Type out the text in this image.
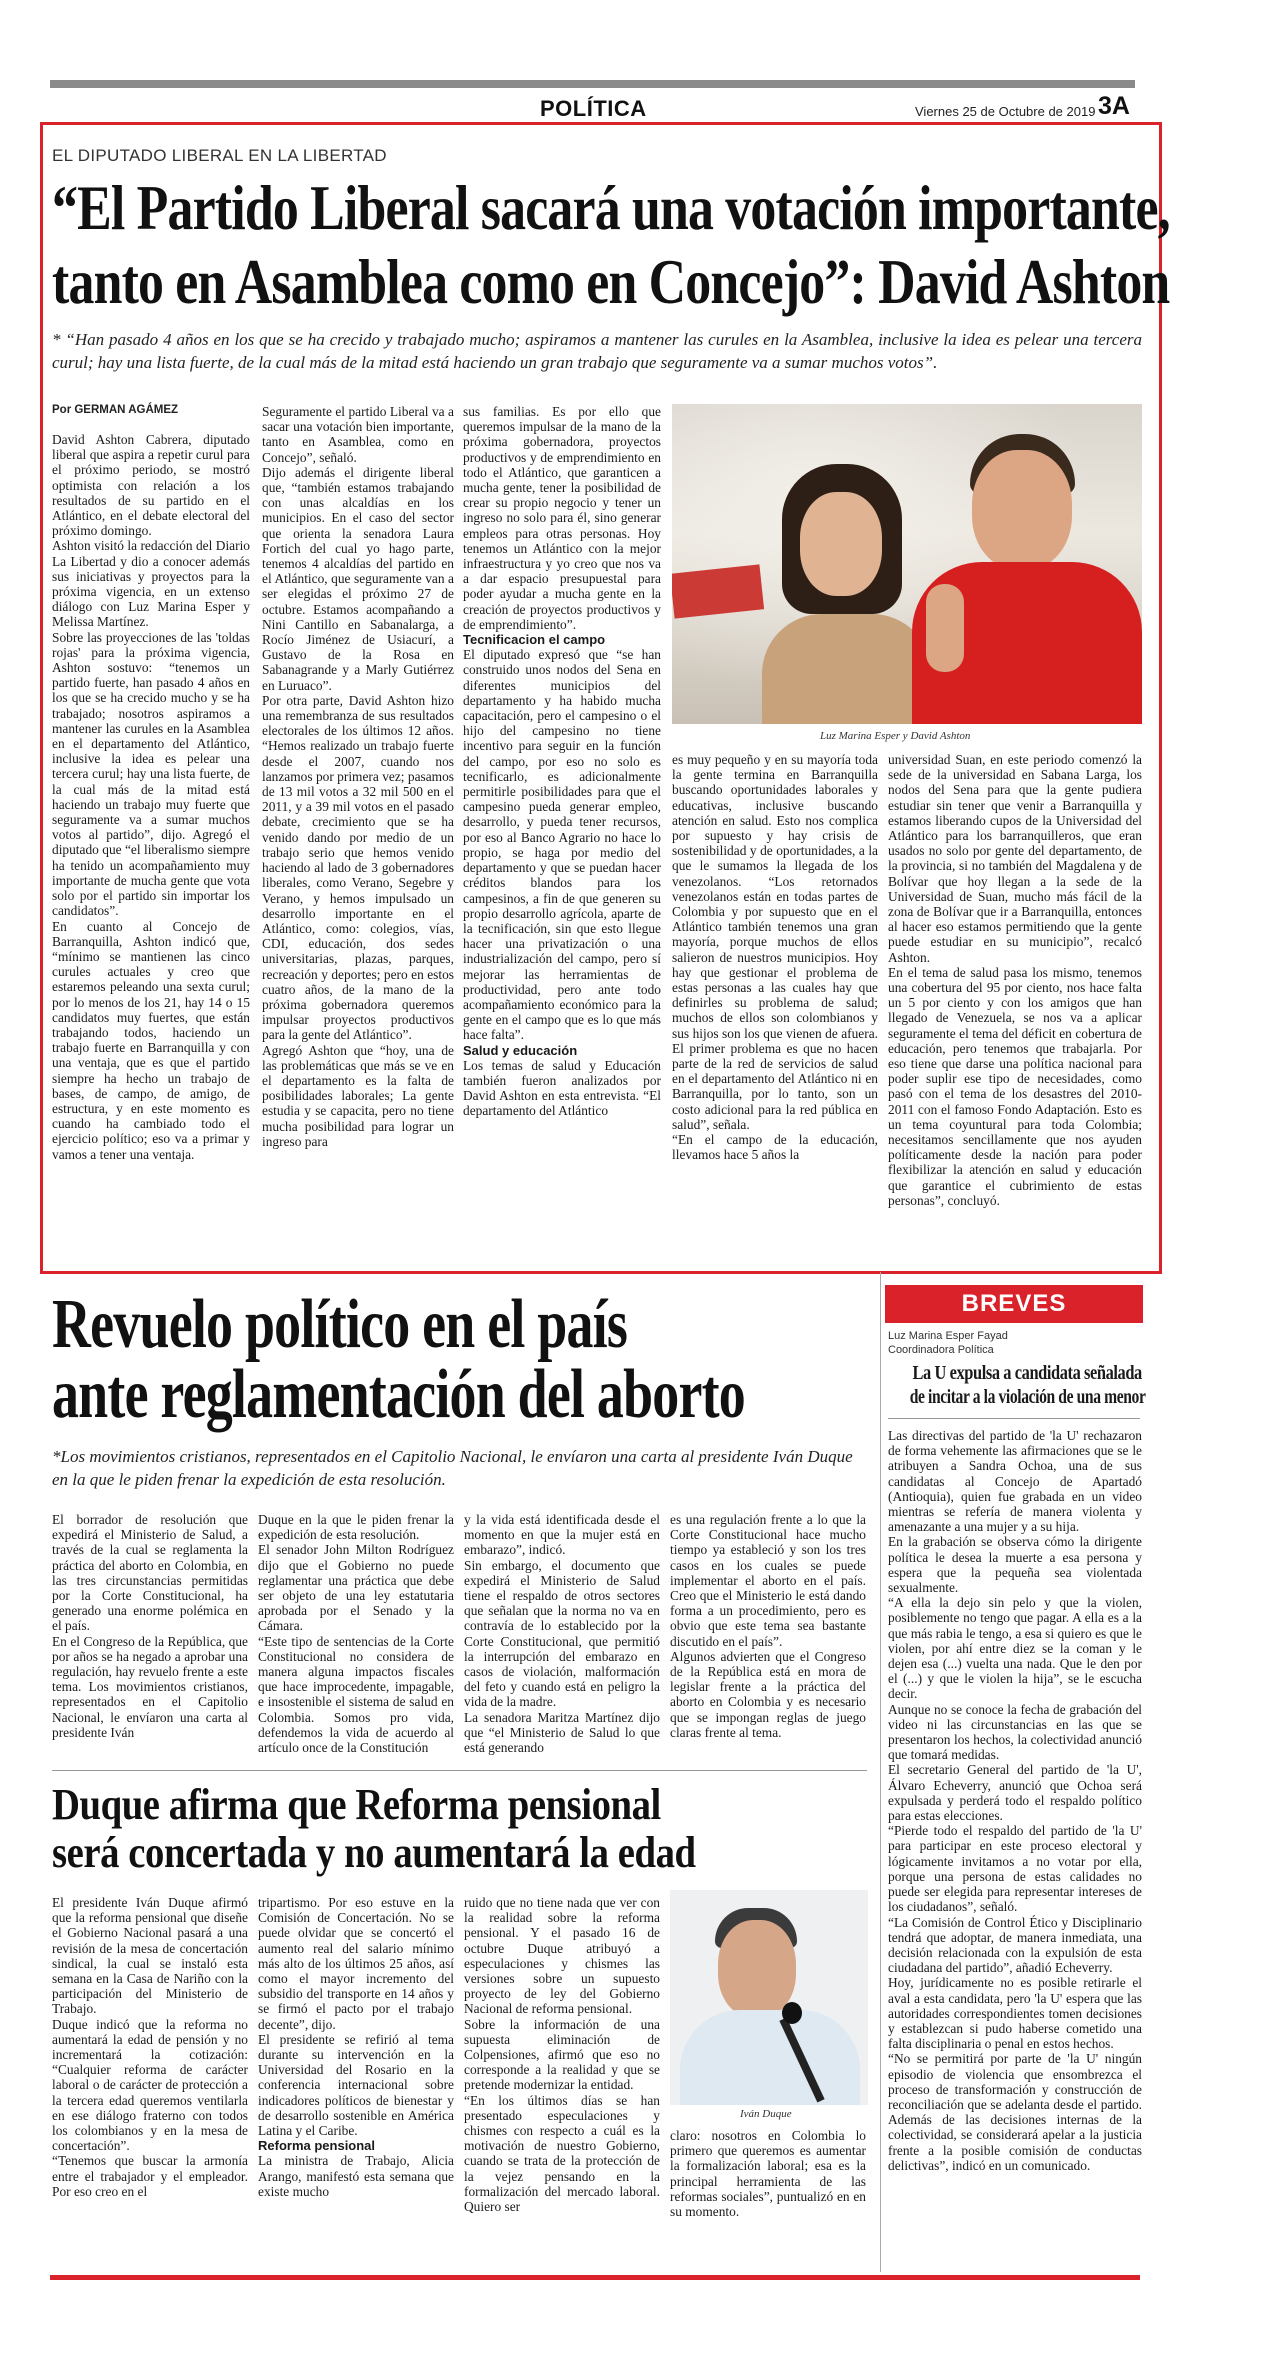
POLÍTICA	Viernes 25 de Octubre de 2019 3A
EL DIPUTADO LIBERAL EN LA LIBERTAD
“El Partido Liberal sacará una votación importante,
tanto en Asamblea como en Concejo”: David Ashton
* “Han pasado 4 años en los que se ha crecido y trabajado mucho; aspiramos a mantener las curules en la Asamblea, inclusive la idea es pelear una tercera curul; hay una lista fuerte, de la cual más de la mitad está haciendo un gran trabajo que seguramente va a sumar muchos votos”.
Por GERMAN AGÁMEZ

David Ashton Cabrera, diputado liberal que aspira a repetir curul para el próximo periodo, se mostró optimista con relación a los resultados de su partido en el Atlántico, en el debate electoral del próximo domingo.

Ashton visitó la redacción del Diario La Libertad y dio a conocer además sus iniciativas y proyectos para la próxima vigencia, en un extenso diálogo con Luz Marina Esper y Melissa Martínez.

Sobre las proyecciones de las 'toldas rojas' para la próxima vigencia, Ashton sostuvo: “tenemos un partido fuerte, han pasado 4 años en los que se ha crecido mucho y se ha trabajado; nosotros aspiramos a mantener las curules en la Asamblea en el departamento del Atlántico, inclusive la idea es pelear una tercera curul; hay una lista fuerte, de la cual más de la mitad está haciendo un trabajo muy fuerte que seguramente va a sumar muchos votos al partido”, dijo. Agregó el diputado que “el liberalismo siempre ha tenido un acompañamiento muy importante de mucha gente que vota solo por el partido sin importar los candidatos”.

En cuanto al Concejo de Barranquilla, Ashton indicó que, “mínimo se mantienen las cinco curules actuales y creo que estaremos peleando una sexta curul; por lo menos de los 21, hay 14 o 15 candidatos muy fuertes, que están trabajando todos, haciendo un trabajo fuerte en Barranquilla y con una ventaja, que es que el partido siempre ha hecho un trabajo de bases, de campo, de amigo, de estructura, y en este momento es cuando ha cambiado todo el ejercicio político; eso va a primar y vamos a tener una ventaja.

Seguramente el partido Liberal va a sacar una votación bien importante, tanto en Asamblea, como en Concejo”, señaló.

Dijo además el dirigente liberal que, “también estamos trabajando con unas alcaldías en los municipios. En el caso del sector que orienta la senadora Laura Fortich del cual yo hago parte, tenemos 4 alcaldías del partido en el Atlántico, que seguramente van a ser elegidas el próximo 27 de octubre. Estamos acompañando a Nini Cantillo en Sabanalarga, a Rocío Jiménez de Usiacurí, a Gustavo de la Rosa en Sabanagrande y a Marly Gutiérrez en Luruaco”.

Por otra parte, David Ashton hizo una remembranza de sus resultados electorales de los últimos 12 años. “Hemos realizado un trabajo fuerte desde el 2007, cuando nos lanzamos por primera vez; pasamos de 13 mil votos a 32 mil 500 en el 2011, y a 39 mil votos en el pasado debate, crecimiento que se ha venido dando por medio de un trabajo serio que hemos venido haciendo al lado de 3 gobernadores liberales, como Verano, Segebre y Verano, y hemos impulsado un desarrollo importante en el Atlántico, como: colegios, vías, CDI, educación, dos sedes universitarias, plazas, parques, recreación y deportes; pero en estos cuatro años, de la mano de la próxima gobernadora queremos impulsar proyectos productivos para la gente del Atlántico”.

Agregó Ashton que “hoy, una de las problemáticas que más se ve en el departamento es la falta de posibilidades laborales; La gente estudia y se capacita, pero no tiene mucha posibilidad para lograr un ingreso para

sus familias. Es por ello que queremos impulsar de la mano de la próxima gobernadora, proyectos productivos y de emprendimiento en todo el Atlántico, que garanticen a mucha gente, tener la posibilidad de crear su propio negocio y tener un ingreso no solo para él, sino generar empleos para otras personas. Hoy tenemos un Atlántico con la mejor infraestructura y yo creo que nos va a dar espacio presupuestal para poder ayudar a mucha gente en la creación de proyectos productivos y de emprendimiento”.

Tecnificacion el campo

El diputado expresó que “se han construido unos nodos del Sena en diferentes municipios del departamento y ha habido mucha capacitación, pero el campesino o el hijo del campesino no tiene incentivo para seguir en la función del campo, por eso no solo es tecnificarlo, es adicionalmente permitirle posibilidades para que el campesino pueda generar empleo, desarrollo, y pueda tener recursos, por eso al Banco Agrario no hace lo propio, se haga por medio del departamento y que se puedan hacer créditos blandos para los campesinos, a fin de que generen su propio desarrollo agrícola, aparte de la tecnificación, sin que esto llegue hacer una privatización o una industrialización del campo, pero sí mejorar las herramientas de productividad, pero ante todo acompañamiento económico para la gente en el campo que es lo que más hace falta”.

Salud y educación

Los temas de salud y Educación también fueron analizados por David Ashton en esta entrevista. “El departamento del Atlántico

Luz Marina Esper y David Ashton

es muy pequeño y en su mayoría toda la gente termina en Barranquilla buscando oportunidades laborales y educativas, inclusive buscando atención en salud. Esto nos complica por supuesto y hay crisis de sostenibilidad y de oportunidades, a la que le sumamos la llegada de los venezolanos. “Los retornados venezolanos están en todas partes de Colombia y por supuesto que en el Atlántico también tenemos una gran mayoría, porque muchos de ellos salieron de nuestros municipios. Hoy hay que gestionar el problema de estas personas a las cuales hay que definirles su problema de salud; muchos de ellos son colombianos y sus hijos son los que vienen de afuera. El primer problema es que no hacen parte de la red de servicios de salud en el departamento del Atlántico ni en Barranquilla, por lo tanto, son un costo adicional para la red pública en salud”, señala.

“En el campo de la educación, llevamos hace 5 años la

universidad Suan, en este periodo comenzó la sede de la universidad en Sabana Larga, los nodos del Sena para que la gente pudiera estudiar sin tener que venir a Barranquilla y estamos liberando cupos de la Universidad del Atlántico para los barranquilleros, que eran usados no solo por gente del departamento, de la provincia, si no también del Magdalena y de Bolívar que hoy llegan a la sede de la Universidad de Suan, mucho más fácil de la zona de Bolívar que ir a Barranquilla, entonces al hacer eso estamos permitiendo que la gente puede estudiar en su municipio”, recalcó Ashton.

En el tema de salud pasa los mismo, tenemos una cobertura del 95 por ciento, nos hace falta un 5 por ciento y con los amigos que han llegado de Venezuela, se nos va a aplicar seguramente el tema del déficit en cobertura de educación, pero tenemos que trabajarla. Por eso tiene que darse una política nacional para poder suplir ese tipo de necesidades, como pasó con el tema de los desastres del 2010-2011 con el famoso Fondo Adaptación. Esto es un tema coyuntural para toda Colombia; necesitamos sencillamente que nos ayuden políticamente desde la nación para poder flexibilizar la atención en salud y educación que garantice el cubrimiento de estas personas”, concluyó.

Revuelo político en el país
ante reglamentación del aborto
*Los movimientos cristianos, representados en el Capitolio Nacional, le envíaron una carta al presidente Iván Duque en la que le piden frenar la expedición de esta resolución.

El borrador de resolución que expedirá el Ministerio de Salud, a través de la cual se reglamenta la práctica del aborto en Colombia, en las tres circunstancias permitidas por la Corte Constitucional, ha generado una enorme polémica en el país.

En el Congreso de la República, que por años se ha negado a aprobar una regulación, hay revuelo frente a este tema. Los movimientos cristianos, representados en el Capitolio Nacional, le envíaron una carta al presidente Iván

Duque en la que le piden frenar la expedición de esta resolución.

El senador John Milton Rodríguez dijo que el Gobierno no puede reglamentar una práctica que debe ser objeto de una ley estatutaria aprobada por el Senado y la Cámara.

“Este tipo de sentencias de la Corte Constitucional no considera de manera alguna impactos fiscales que hace improcedente, impagable, e insostenible el sistema de salud en Colombia. Somos pro vida, defendemos la vida de acuerdo al artículo once de la Constitución

y la vida está identificada desde el momento en que la mujer está en embarazo”, indicó.

Sin embargo, el documento que expedirá el Ministerio de Salud tiene el respaldo de otros sectores que señalan que la norma no va en contravía de lo establecido por la Corte Constitucional, que permitió la interrupción del embarazo en casos de violación, malformación del feto y cuando está en peligro la vida de la madre.

La senadora Maritza Martínez dijo que “el Ministerio de Salud lo que está generando

es una regulación frente a lo que la Corte Constitucional hace mucho tiempo ya estableció y son los tres casos en los cuales se puede implementar el aborto en el país. Creo que el Ministerio le está dando forma a un procedimiento, pero es obvio que este tema sea bastante discutido en el país”.

Algunos advierten que el Congreso de la República está en mora de legislar frente a la práctica del aborto en Colombia y es necesario que se impongan reglas de juego claras frente al tema.

Duque afirma que Reforma pensional
será concertada y no aumentará la edad

El presidente Iván Duque afirmó que la reforma pensional que diseñe el Gobierno Nacional pasará a una revisión de la mesa de concertación sindical, la cual se instaló esta semana en la Casa de Nariño con la participación del Ministerio de Trabajo.

Duque indicó que la reforma no aumentará la edad de pensión y no incrementará la cotización: “Cualquier reforma de carácter laboral o de carácter de protección a la tercera edad queremos ventilarla en ese diálogo fraterno con todos los colombianos y en la mesa de concertación”.

“Tenemos que buscar la armonía entre el trabajador y el empleador. Por eso creo en el

tripartismo. Por eso estuve en la Comisión de Concertación. No se puede olvidar que se concertó el aumento real del salario mínimo más alto de los últimos 25 años, así como el mayor incremento del subsidio del transporte en 14 años y se firmó el pacto por el trabajo decente”, dijo.

El presidente se refirió al tema durante su intervención en la Universidad del Rosario en la conferencia internacional sobre indicadores políticos de bienestar y de desarrollo sostenible en América Latina y el Caribe.

Reforma pensional

La ministra de Trabajo, Alicia Arango, manifestó esta semana que existe mucho

ruido que no tiene nada que ver con la realidad sobre la reforma pensional. Y el pasado 16 de octubre Duque atribuyó a especulaciones y chismes las versiones sobre un supuesto proyecto de ley del Gobierno Nacional de reforma pensional.

Sobre la información de una supuesta eliminación de Colpensiones, afirmó que eso no corresponde a la realidad y que se pretende modernizar la entidad.

“En los últimos días se han presentado especulaciones y chismes con respecto a cuál es la motivación de nuestro Gobierno, cuando se trata de la protección de la vejez pensando en la formalización del mercado laboral. Quiero ser

Iván Duque

claro: nosotros en Colombia lo primero que queremos es aumentar la formalización laboral; esa es la principal herramienta de las reformas sociales”, puntualizó en en su momento.

BREVES
Luz Marina Esper Fayad
Coordinadora Política
La U expulsa a candidata señalada
de incitar a la violación de una menor

Las directivas del partido de 'la U' rechazaron de forma vehemente las afirmaciones que se le atribuyen a Sandra Ochoa, una de sus candidatas al Concejo de Apartadó (Antioquia), quien fue grabada en un video mientras se refería de manera violenta y amenazante a una mujer y a su hija.

En la grabación se observa cómo la dirigente política le desea la muerte a esa persona y espera que la pequeña sea violentada sexualmente.

“A ella la dejo sin pelo y que la violen, posiblemente no tengo que pagar. A ella es a la que más rabia le tengo, a esa si quiero es que le violen, por ahí entre diez se la coman y le dejen esa (...) vuelta una nada. Que le den por el (...) y que le violen la hija”, se le escucha decir.

Aunque no se conoce la fecha de grabación del video ni las circunstancias en las que se presentaron los hechos, la colectividad anunció que tomará medidas.

El secretario General del partido de 'la U', Álvaro Echeverry, anunció que Ochoa será expulsada y perderá todo el respaldo político para estas elecciones.

“Pierde todo el respaldo del partido de 'la U' para participar en este proceso electoral y lógicamente invitamos a no votar por ella, porque una persona de estas calidades no puede ser elegida para representar intereses de los ciudadanos”, señaló.

“La Comisión de Control Ético y Disciplinario tendrá que adoptar, de manera inmediata, una decisión relacionada con la expulsión de esta ciudadana del partido”, añadió Echeverry.

Hoy, jurídicamente no es posible retirarle el aval a esta candidata, pero 'la U' espera que las autoridades correspondientes tomen decisiones y establezcan si pudo haberse cometido una falta disciplinaria o penal en estos hechos.

“No se permitirá por parte de 'la U' ningún episodio de violencia que ensombrezca el proceso de transformación y construcción de reconciliación que se adelanta desde el partido. Además de las decisiones internas de la colectividad, se considerará apelar a la justicia frente a la posible comisión de conductas delictivas”, indicó en un comunicado.
